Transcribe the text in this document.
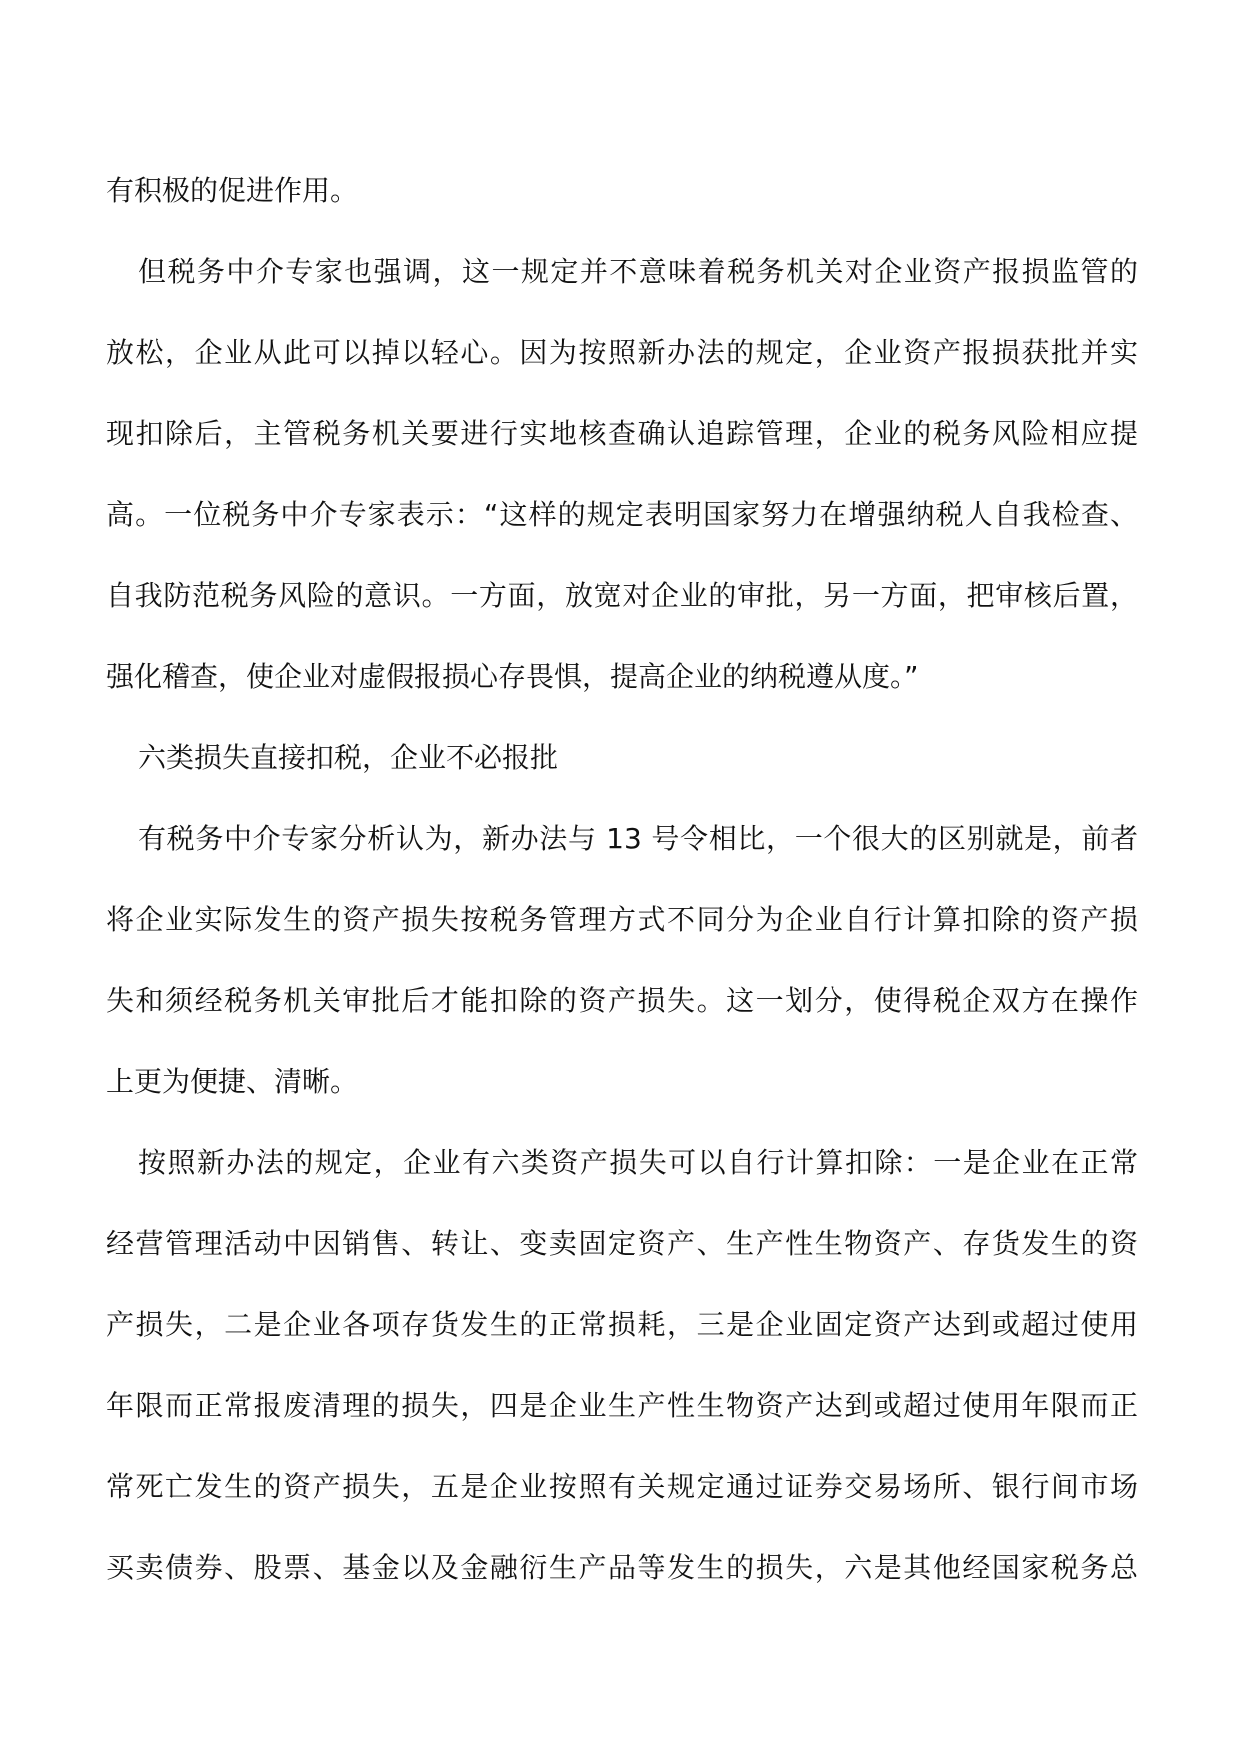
有积极的促进作用。
但税务中介专家也强调，这一规定并不意味着税务机关对企业资产报损监管的
放松，企业从此可以掉以轻心。因为按照新办法的规定，企业资产报损获批并实
现扣除后，主管税务机关要进行实地核查确认追踪管理，企业的税务风险相应提
高。一位税务中介专家表示：“这样的规定表明国家努力在增强纳税人自我检查、
自我防范税务风险的意识。一方面，放宽对企业的审批，另一方面，把审核后置，
强化稽查，使企业对虚假报损心存畏惧，提高企业的纳税遵从度。”
六类损失直接扣税，企业不必报批
有税务中介专家分析认为，新办法与 13 号令相比，一个很大的区别就是，前者
将企业实际发生的资产损失按税务管理方式不同分为企业自行计算扣除的资产损
失和须经税务机关审批后才能扣除的资产损失。这一划分，使得税企双方在操作
上更为便捷、清晰。
按照新办法的规定，企业有六类资产损失可以自行计算扣除：一是企业在正常
经营管理活动中因销售、转让、变卖固定资产、生产性生物资产、存货发生的资
产损失，二是企业各项存货发生的正常损耗，三是企业固定资产达到或超过使用
年限而正常报废清理的损失，四是企业生产性生物资产达到或超过使用年限而正
常死亡发生的资产损失，五是企业按照有关规定通过证券交易场所、银行间市场
买卖债券、股票、基金以及金融衍生产品等发生的损失，六是其他经国家税务总
